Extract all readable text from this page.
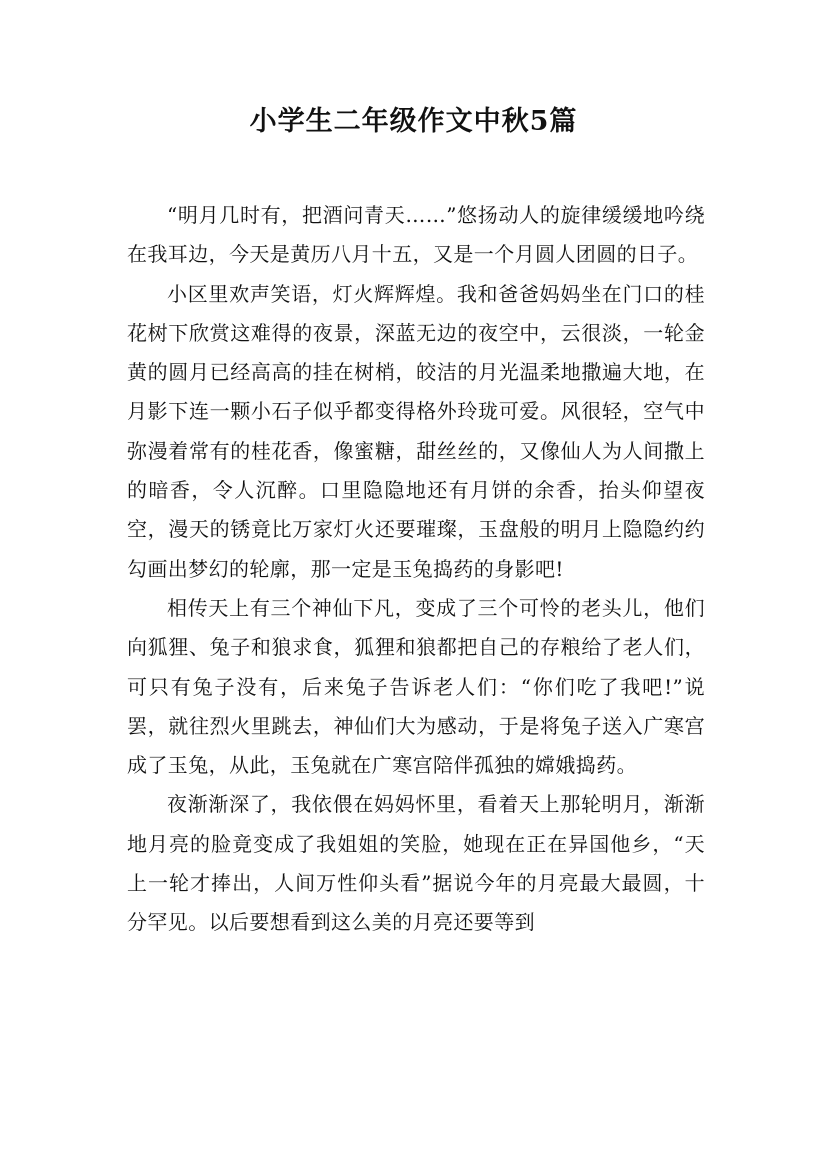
小学生二年级作文中秋5篇

“明月几时有，把酒问青天……”悠扬动人的旋律缓缓地吟绕在我耳边，今天是黄历八月十五，又是一个月圆人团圆的日子。

小区里欢声笑语，灯火辉辉煌。我和爸爸妈妈坐在门口的桂花树下欣赏这难得的夜景，深蓝无边的夜空中，云很淡，一轮金黄的圆月已经高高的挂在树梢，皎洁的月光温柔地撒遍大地，在月影下连一颗小石子似乎都变得格外玲珑可爱。风很轻，空气中弥漫着常有的桂花香，像蜜糖，甜丝丝的，又像仙人为人间撒上的暗香，令人沉醉。口里隐隐地还有月饼的余香，抬头仰望夜空，漫天的锈竟比万家灯火还要璀璨，玉盘般的明月上隐隐约约勾画出梦幻的轮廓，那一定是玉兔捣药的身影吧!

相传天上有三个神仙下凡，变成了三个可怜的老头儿，他们向狐狸、兔子和狼求食，狐狸和狼都把自己的存粮给了老人们，可只有兔子没有，后来兔子告诉老人们：“你们吃了我吧!”说罢，就往烈火里跳去，神仙们大为感动，于是将兔子送入广寒宫成了玉兔，从此，玉兔就在广寒宫陪伴孤独的嫦娥捣药。

夜渐渐深了，我依偎在妈妈怀里，看着天上那轮明月，渐渐地月亮的脸竟变成了我姐姐的笑脸，她现在正在异国他乡，“天上一轮才捧出，人间万性仰头看”据说今年的月亮最大最圆，十分罕见。以后要想看到这么美的月亮还要等到
